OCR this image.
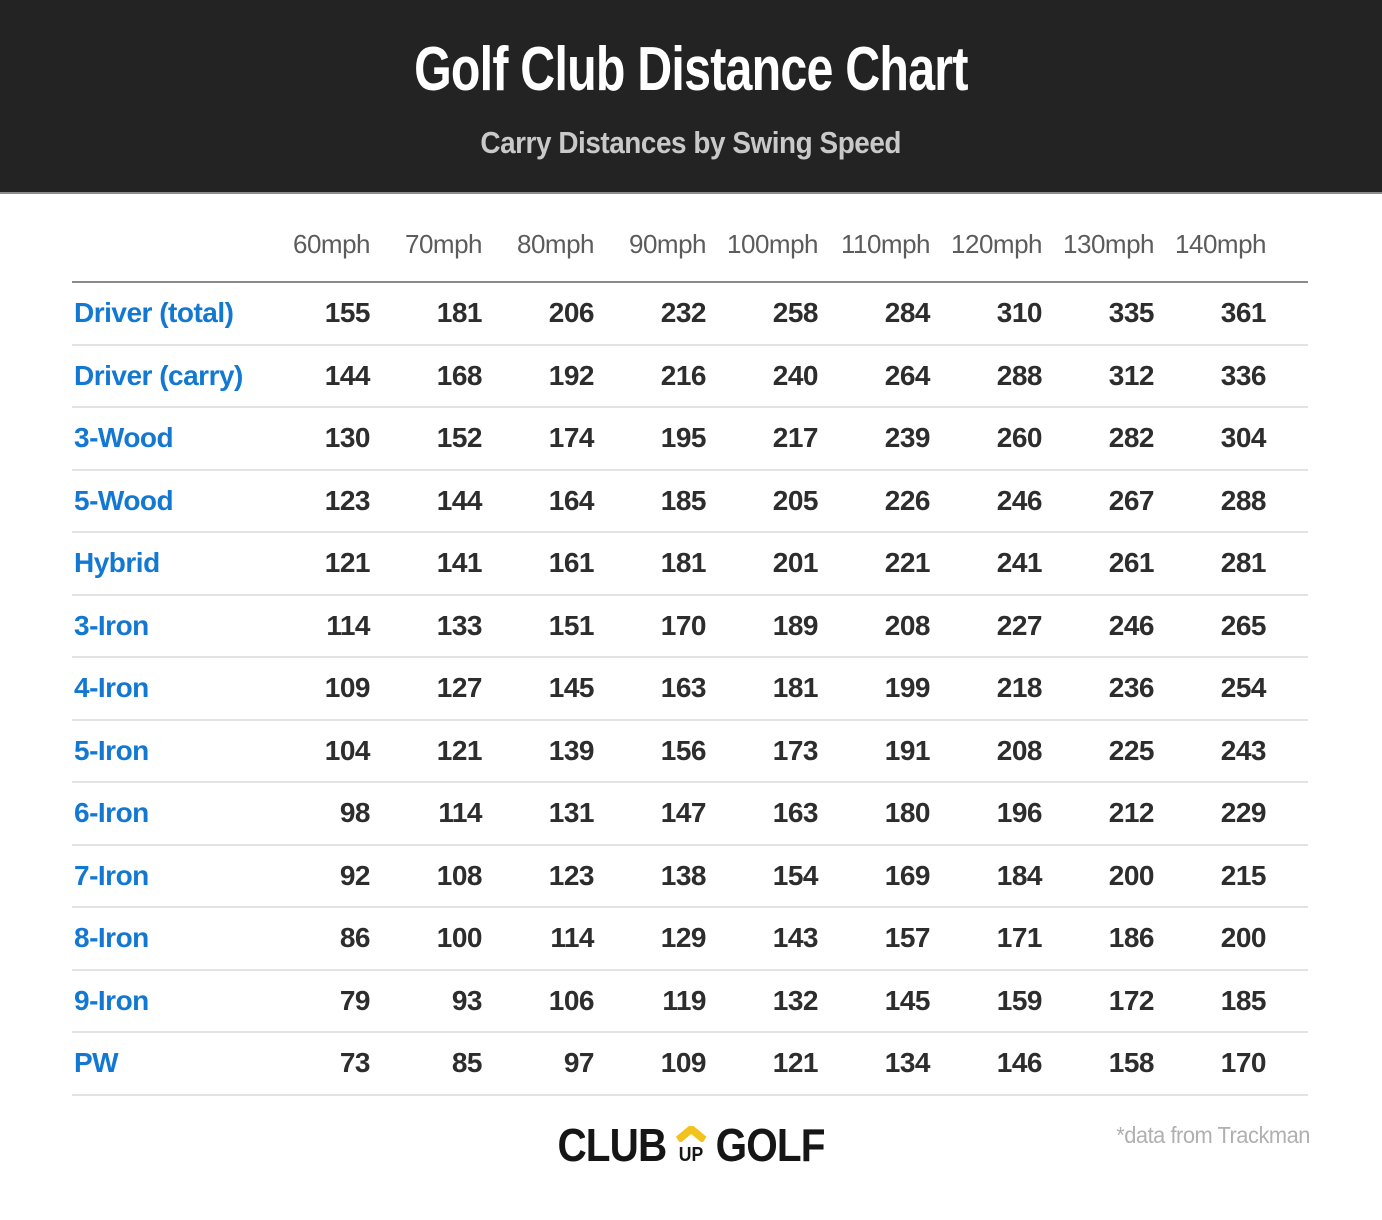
Golf Club Distance Chart
Carry Distances by Swing Speed
	60mph	70mph	80mph	90mph	100mph	110mph	120mph	130mph	140mph
Driver (total)	155	181	206	232	258	284	310	335	361
Driver (carry)	144	168	192	216	240	264	288	312	336
3-Wood	130	152	174	195	217	239	260	282	304
5-Wood	123	144	164	185	205	226	246	267	288
Hybrid	121	141	161	181	201	221	241	261	281
3-Iron	114	133	151	170	189	208	227	246	265
4-Iron	109	127	145	163	181	199	218	236	254
5-Iron	104	121	139	156	173	191	208	225	243
6-Iron	98	114	131	147	163	180	196	212	229
7-Iron	92	108	123	138	154	169	184	200	215
8-Iron	86	100	114	129	143	157	171	186	200
9-Iron	79	93	106	119	132	145	159	172	185
PW	73	85	97	109	121	134	146	158	170
*data from Trackman
CLUB UP GOLF
